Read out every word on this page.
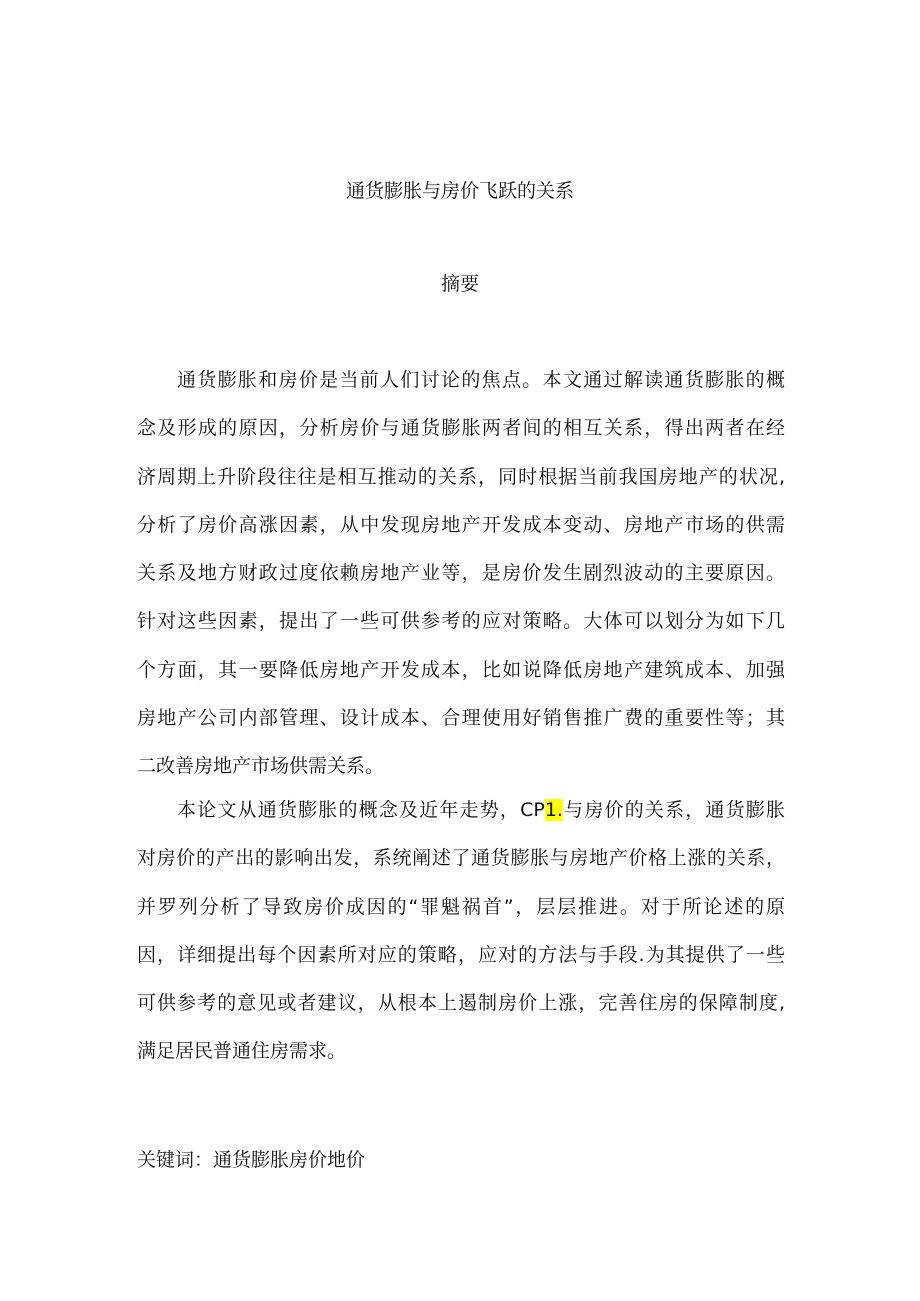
通货膨胀与房价飞跃的关系
摘要
通货膨胀和房价是当前人们讨论的焦点。本文通过解读通货膨胀的概
念及形成的原因，分析房价与通货膨胀两者间的相互关系，得出两者在经
济周期上升阶段往往是相互推动的关系，同时根据当前我国房地产的状况,
分析了房价高涨因素，从中发现房地产开发成本变动、房地产市场的供需
关系及地方财政过度依赖房地产业等，是房价发生剧烈波动的主要原因。
针对这些因素，提出了一些可供参考的应对策略。大体可以划分为如下几
个方面，其一要降低房地产开发成本，比如说降低房地产建筑成本、加强
房地产公司内部管理、设计成本、合理使用好销售推广费的重要性等；其
二改善房地产市场供需关系。
本论文从通货膨胀的概念及近年走势，CP1.与房价的关系，通货膨胀
对房价的产出的影响出发，系统阐述了通货膨胀与房地产价格上涨的关系，
并罗列分析了导致房价成因的“罪魁祸首”，层层推进。对于所论述的原
因，详细提出每个因素所对应的策略，应对的方法与手段.为其提供了一些
可供参考的意见或者建议，从根本上遏制房价上涨，完善住房的保障制度,
满足居民普通住房需求。
关键词：通货膨胀房价地价
